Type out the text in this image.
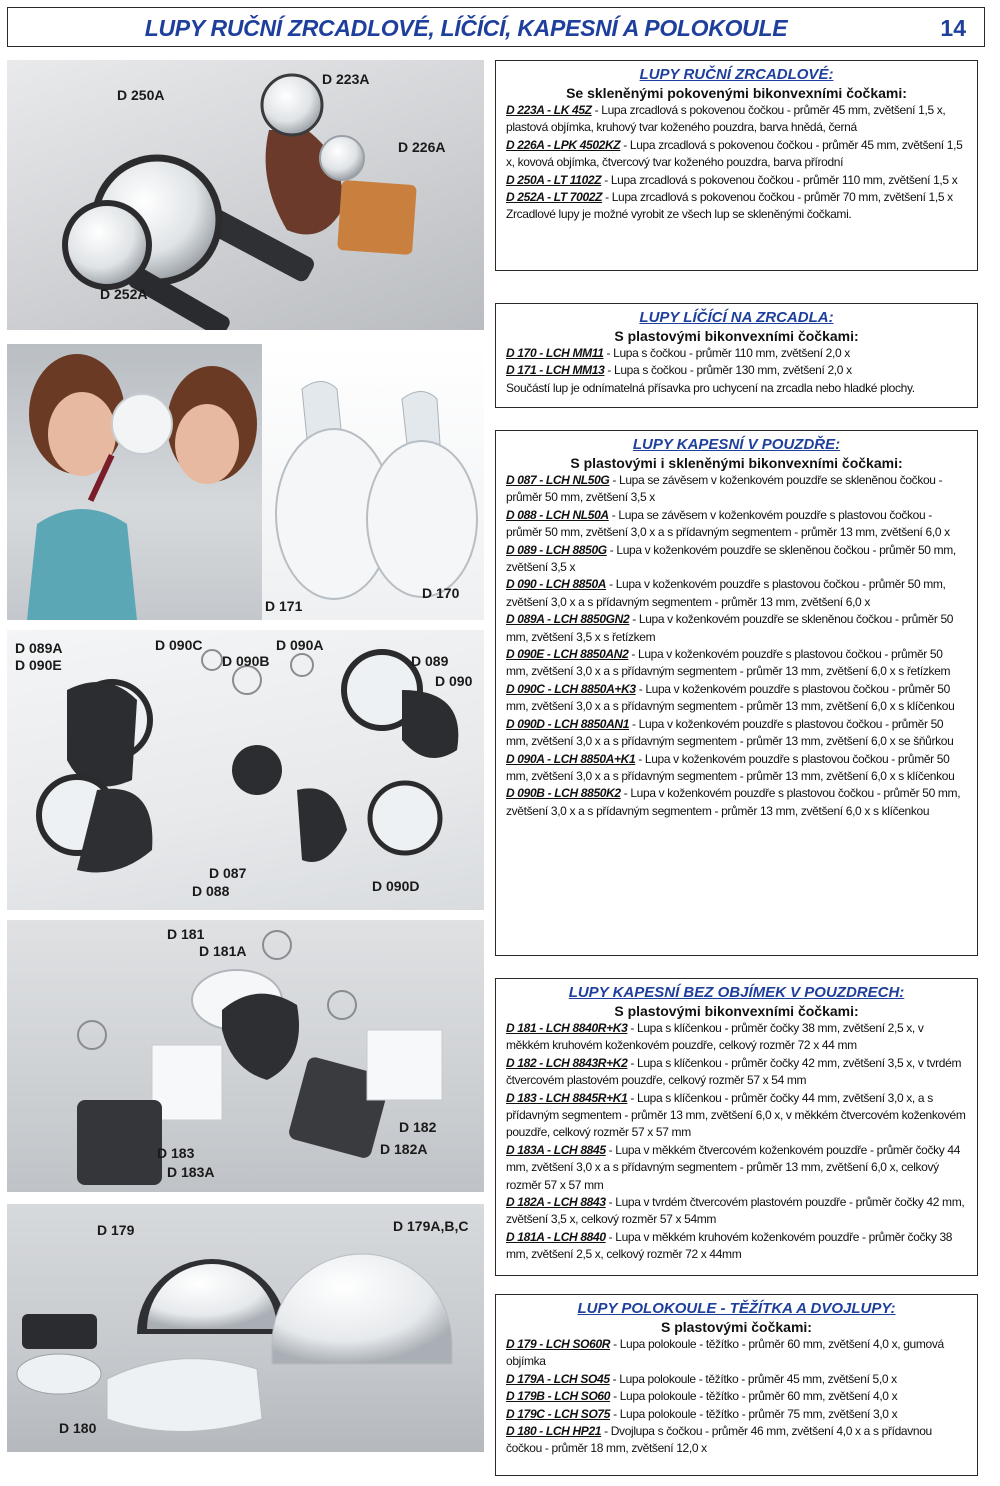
LUPY RUČNÍ ZRCADLOVÉ, LÍČÍCÍ, KAPESNÍ A POLOKOULE	14
D 250A
D 223A
D 226A
D 252A
D 171
D 170
D 089A
D 090E
D 090C
D 090B
D 090A
D 089
D 090
D 087
D 088	D 090D
D 181
D 181A
D 182
D 182A
D 183
D 183A
D 179	D 179A,B,C
D 180
LUPY RUČNÍ ZRCADLOVÉ:
Se skleněnými pokovenými bikonvexními čočkami:
D 223A - LK 45Z - Lupa zrcadlová s pokovenou čočkou - průměr 45 mm, zvětšení 1,5 x, plastová objímka, kruhový tvar koženého pouzdra, barva hnědá, černá
D 226A - LPK 4502KZ - Lupa zrcadlová s pokovenou čočkou - průměr 45 mm, zvětšení 1,5 x, kovová objímka, čtvercový tvar koženého pouzdra, barva přírodní
D 250A - LT 1102Z - Lupa zrcadlová s pokovenou čočkou - průměr 110 mm, zvětšení 1,5 x
D 252A - LT 7002Z - Lupa zrcadlová s pokovenou čočkou - průměr 70 mm, zvětšení 1,5 x
Zrcadlové lupy je možné vyrobit ze všech lup se skleněnými čočkami.
LUPY LÍČÍCÍ NA ZRCADLA:
S plastovými bikonvexními čočkami:
D 170 - LCH MM11 - Lupa s čočkou - průměr 110 mm, zvětšení 2,0 x
D 171 - LCH MM13 - Lupa s čočkou - průměr 130 mm, zvětšení 2,0 x
Součástí lup je odnímatelná přísavka pro uchycení na zrcadla nebo hladké plochy.
LUPY KAPESNÍ V POUZDŘE:
S plastovými i skleněnými bikonvexními čočkami:
D 087 - LCH NL50G - Lupa se závěsem v koženkovém pouzdře se skleněnou čočkou - průměr 50 mm, zvětšení 3,5 x
D 088 - LCH NL50A - Lupa se závěsem v koženkovém pouzdře s plastovou čočkou - průměr 50 mm, zvětšení 3,0 x a s přídavným segmentem - průměr 13 mm, zvětšení 6,0 x
D 089 - LCH 8850G - Lupa v koženkovém pouzdře se skleněnou čočkou - průměr 50 mm, zvětšení 3,5 x
D 090 - LCH 8850A - Lupa v koženkovém pouzdře s plastovou čočkou - průměr 50 mm, zvětšení 3,0 x a s přídavným segmentem - průměr 13 mm, zvětšení 6,0 x
D 089A - LCH 8850GN2 - Lupa v koženkovém pouzdře se skleněnou čočkou - průměr 50 mm, zvětšení 3,5 x s řetízkem
D 090E - LCH 8850AN2 - Lupa v koženkovém pouzdře s plastovou čočkou - průměr 50 mm, zvětšení 3,0 x a s přídavným segmentem - průměr 13 mm, zvětšení 6,0 x s řetízkem
D 090C - LCH 8850A+K3 - Lupa v koženkovém pouzdře s plastovou čočkou - průměr 50 mm, zvětšení 3,0 x a s přídavným segmentem - průměr 13 mm, zvětšení 6,0 x s klíčenkou
D 090D - LCH 8850AN1 - Lupa v koženkovém pouzdře s plastovou čočkou - průměr 50 mm, zvětšení 3,0 x a s přídavným segmentem - průměr 13 mm, zvětšení 6,0 x se šňůrkou
D 090A - LCH 8850A+K1 - Lupa v koženkovém pouzdře s plastovou čočkou - průměr 50 mm, zvětšení 3,0 x a s přídavným segmentem - průměr 13 mm, zvětšení 6,0 x s klíčenkou
D 090B - LCH 8850K2 - Lupa v koženkovém pouzdře s plastovou čočkou - průměr 50 mm, zvětšení 3,0 x a s přídavným segmentem - průměr 13 mm, zvětšení 6,0 x s klíčenkou
LUPY KAPESNÍ BEZ OBJÍMEK V POUZDRECH:
S plastovými bikonvexními čočkami:
D 181 - LCH 8840R+K3 - Lupa s klíčenkou - průměr čočky 38 mm, zvětšení 2,5 x, v měkkém kruhovém koženkovém pouzdře, celkový rozměr 72 x 44 mm
D 182 - LCH 8843R+K2 - Lupa s klíčenkou - průměr čočky 42 mm, zvětšení 3,5 x, v tvrdém čtvercovém plastovém pouzdře, celkový rozměr 57 x 54 mm
D 183 - LCH 8845R+K1 - Lupa s klíčenkou - průměr čočky 44 mm, zvětšení 3,0 x, a s přídavným segmentem - průměr 13 mm, zvětšení 6,0 x, v měkkém čtvercovém koženkovém pouzdře, celkový rozměr 57 x 57 mm
D 183A - LCH 8845 - Lupa v měkkém čtvercovém koženkovém pouzdře - průměr čočky 44 mm, zvětšení 3,0 x a s přídavným segmentem - průměr 13 mm, zvětšení 6,0 x, celkový rozměr 57 x 57 mm
D 182A - LCH 8843 - Lupa v tvrdém čtvercovém plastovém pouzdře - průměr čočky 42 mm, zvětšení 3,5 x, celkový rozměr 57 x 54mm
D 181A - LCH 8840 - Lupa v měkkém kruhovém koženkovém pouzdře - průměr čočky 38 mm, zvětšení 2,5 x, celkový rozměr 72 x 44mm
LUPY POLOKOULE - TĚŽÍTKA A DVOJLUPY:
S plastovými čočkami:
D 179 - LCH SO60R - Lupa polokoule - těžítko - průměr 60 mm, zvětšení 4,0 x, gumová objímka
D 179A - LCH SO45 - Lupa polokoule - těžítko - průměr 45 mm, zvětšení 5,0 x
D 179B - LCH SO60 - Lupa polokoule - těžítko - průměr 60 mm, zvětšení 4,0 x
D 179C - LCH SO75 - Lupa polokoule - těžítko - průměr 75 mm, zvětšení 3,0 x
D 180 - LCH HP21 - Dvojlupa s čočkou - průměr 46 mm, zvětšení 4,0 x a s přídavnou čočkou - průměr 18 mm, zvětšení 12,0 x
